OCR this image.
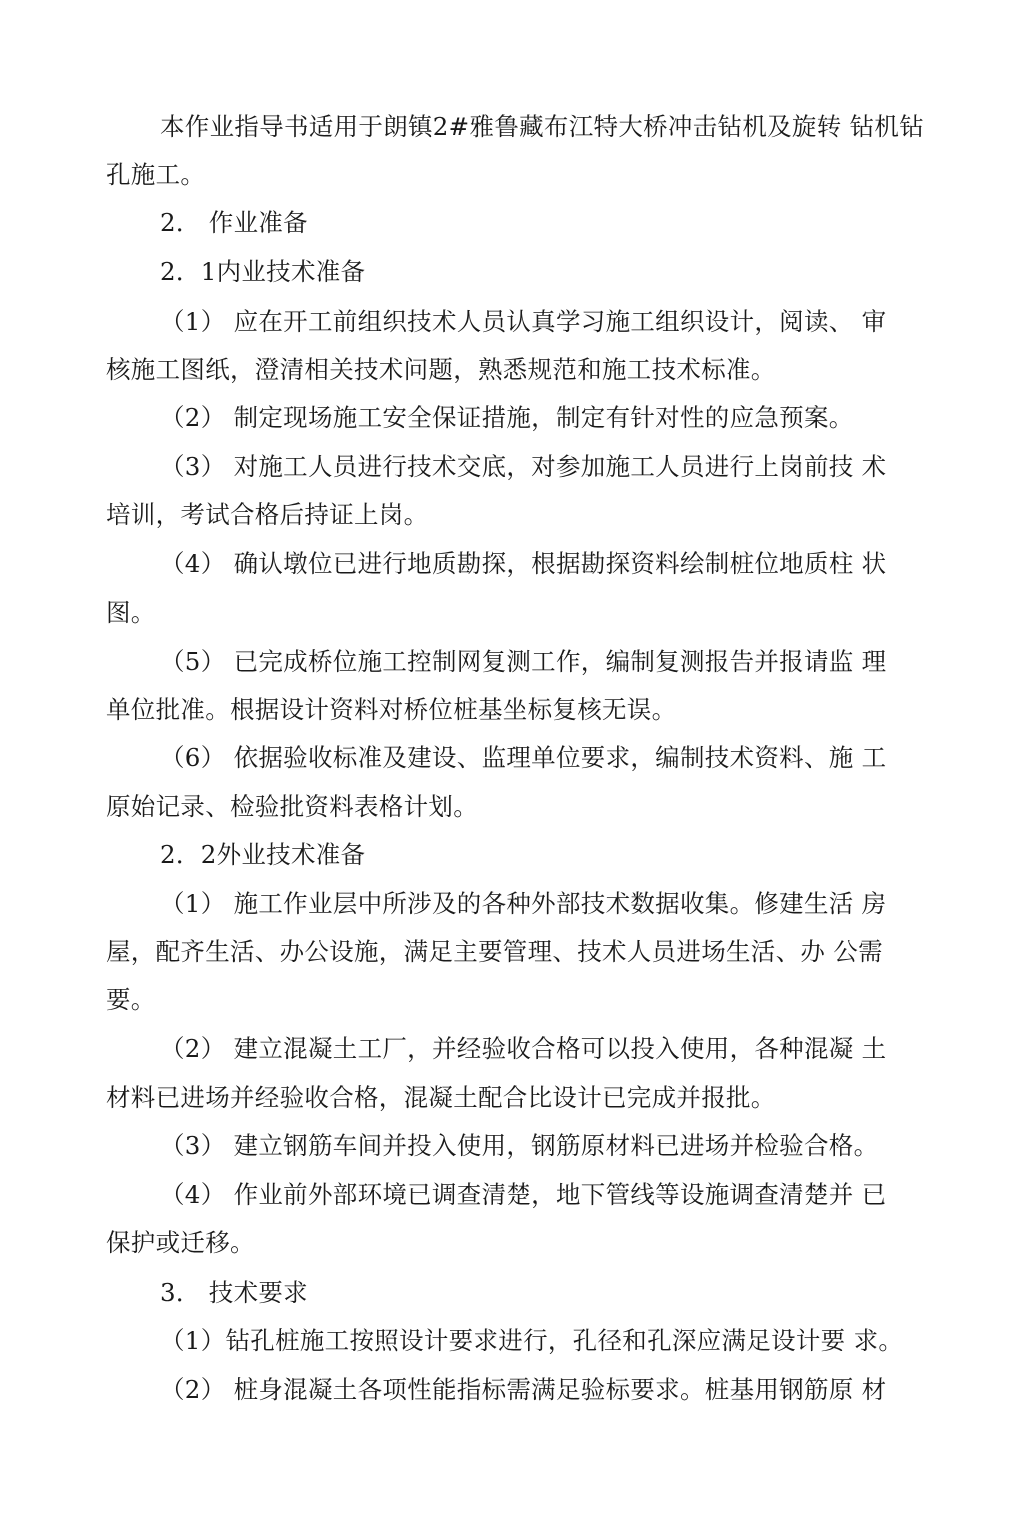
本作业指导书适用于朗镇2#雅鲁藏布江特大桥冲击钻机及旋转 钻机钻
孔施工。
2． 作业准备
2．1内业技术准备
（1） 应在开工前组织技术人员认真学习施工组织设计，阅读、 审
核施工图纸，澄清相关技术问题，熟悉规范和施工技术标准。
（2） 制定现场施工安全保证措施，制定有针对性的应急预案。
（3） 对施工人员进行技术交底，对参加施工人员进行上岗前技 术
培训，考试合格后持证上岗。
（4） 确认墩位已进行地质勘探，根据勘探资料绘制桩位地质柱 状
图。
（5） 已完成桥位施工控制网复测工作，编制复测报告并报请监 理
单位批准。根据设计资料对桥位桩基坐标复核无误。
（6） 依据验收标准及建设、监理单位要求，编制技术资料、施 工
原始记录、检验批资料表格计划。
2．2外业技术准备
（1） 施工作业层中所涉及的各种外部技术数据收集。修建生活 房
屋，配齐生活、办公设施，满足主要管理、技术人员进场生活、办 公需
要。
（2） 建立混凝土工厂，并经验收合格可以投入使用，各种混凝 土
材料已进场并经验收合格，混凝土配合比设计已完成并报批。
（3） 建立钢筋车间并投入使用，钢筋原材料已进场并检验合格。
（4） 作业前外部环境已调查清楚，地下管线等设施调查清楚并 已
保护或迁移。
3． 技术要求
（1）钻孔桩施工按照设计要求进行，孔径和孔深应满足设计要 求。
（2） 桩身混凝土各项性能指标需满足验标要求。桩基用钢筋原 材
